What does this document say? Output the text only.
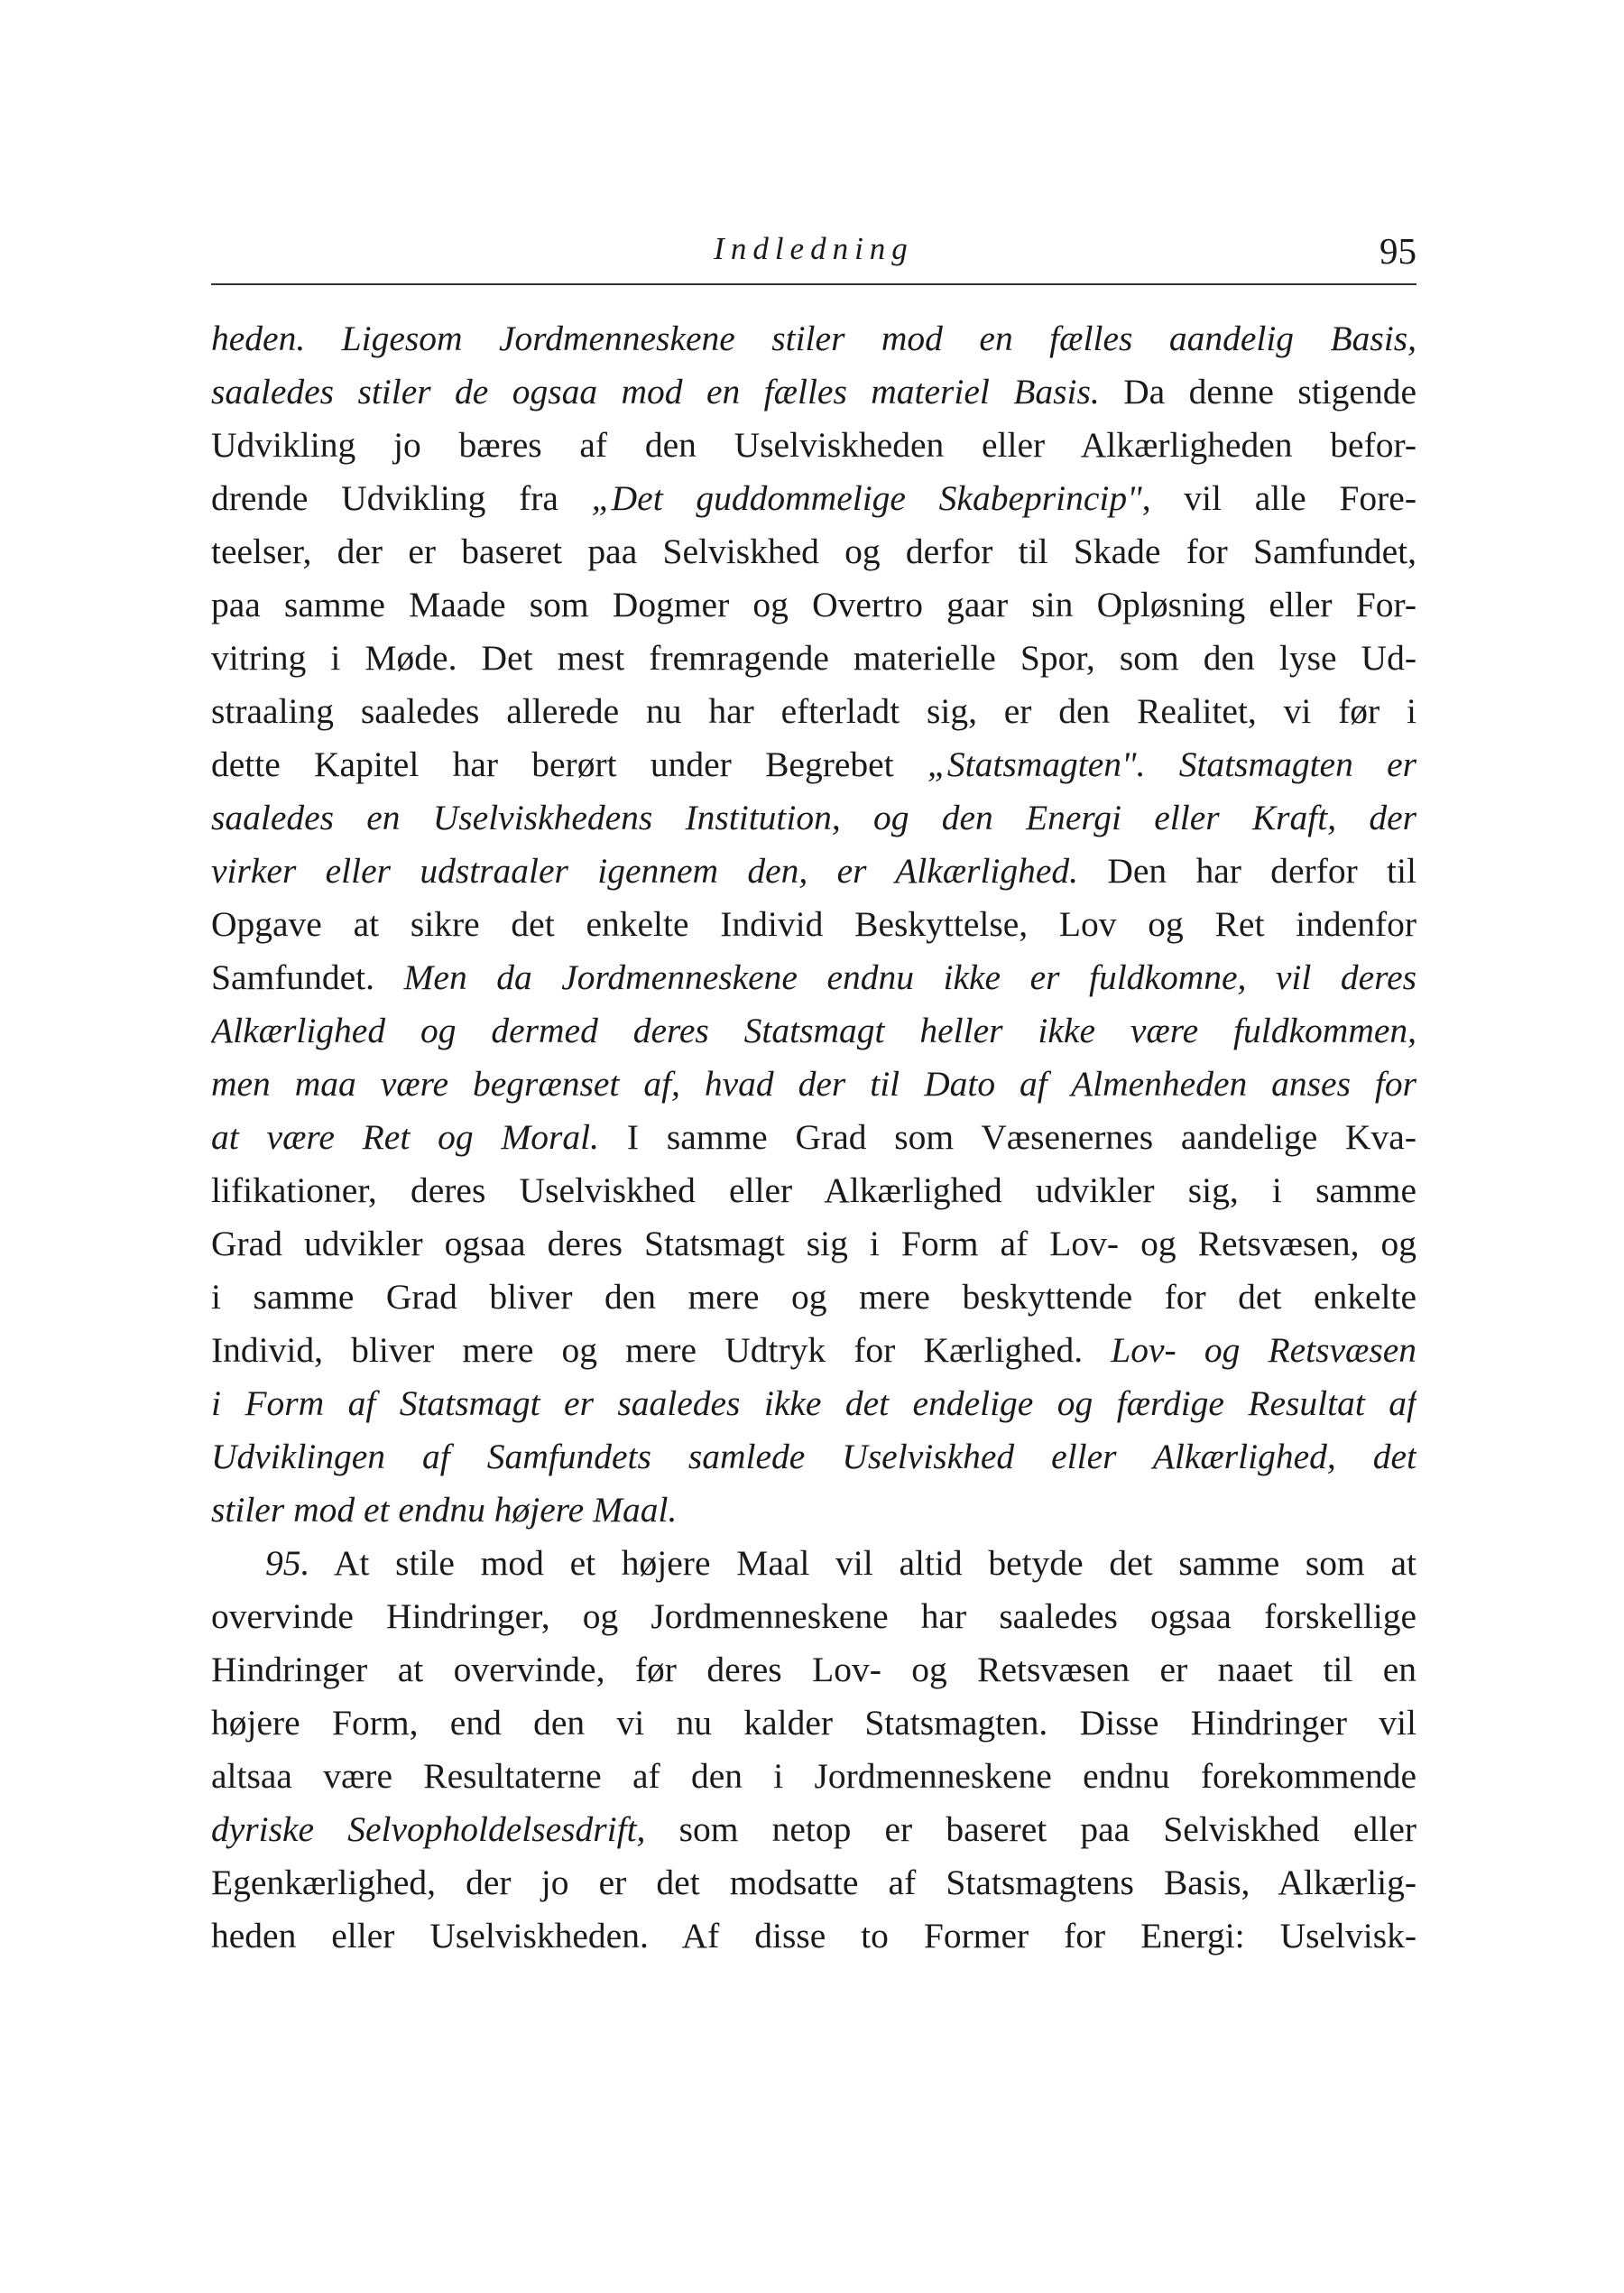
Indledning	95
heden. Ligesom Jordmenneskene stiler mod en fælles aandelig Basis,
saaledes stiler de ogsaa mod en fælles materiel Basis. Da denne stigende
Udvikling jo bæres af den Uselviskheden eller Alkærligheden befor-
drende Udvikling fra „Det guddommelige Skabeprincip", vil alle Fore-
teelser, der er baseret paa Selviskhed og derfor til Skade for Samfundet,
paa samme Maade som Dogmer og Overtro gaar sin Opløsning eller For-
vitring i Møde. Det mest fremragende materielle Spor, som den lyse Ud-
straaling saaledes allerede nu har efterladt sig, er den Realitet, vi før i
dette Kapitel har berørt under Begrebet „Statsmagten". Statsmagten er
saaledes en Uselviskhedens Institution, og den Energi eller Kraft, der
virker eller udstraaler igennem den, er Alkærlighed. Den har derfor til
Opgave at sikre det enkelte Individ Beskyttelse, Lov og Ret indenfor
Samfundet. Men da Jordmenneskene endnu ikke er fuldkomne, vil deres
Alkærlighed og dermed deres Statsmagt heller ikke være fuldkommen,
men maa være begrænset af, hvad der til Dato af Almenheden anses for
at være Ret og Moral. I samme Grad som Væsenernes aandelige Kva-
lifikationer, deres Uselviskhed eller Alkærlighed udvikler sig, i samme
Grad udvikler ogsaa deres Statsmagt sig i Form af Lov- og Retsvæsen, og
i samme Grad bliver den mere og mere beskyttende for det enkelte
Individ, bliver mere og mere Udtryk for Kærlighed. Lov- og Retsvæsen
i Form af Statsmagt er saaledes ikke det endelige og færdige Resultat af
Udviklingen af Samfundets samlede Uselviskhed eller Alkærlighed, det
stiler mod et endnu højere Maal.
95. At stile mod et højere Maal vil altid betyde det samme som at
overvinde Hindringer, og Jordmenneskene har saaledes ogsaa forskellige
Hindringer at overvinde, før deres Lov- og Retsvæsen er naaet til en
højere Form, end den vi nu kalder Statsmagten. Disse Hindringer vil
altsaa være Resultaterne af den i Jordmenneskene endnu forekommende
dyriske Selvopholdelsesdrift, som netop er baseret paa Selviskhed eller
Egenkærlighed, der jo er det modsatte af Statsmagtens Basis, Alkærlig-
heden eller Uselviskheden. Af disse to Former for Energi: Uselvisk-
